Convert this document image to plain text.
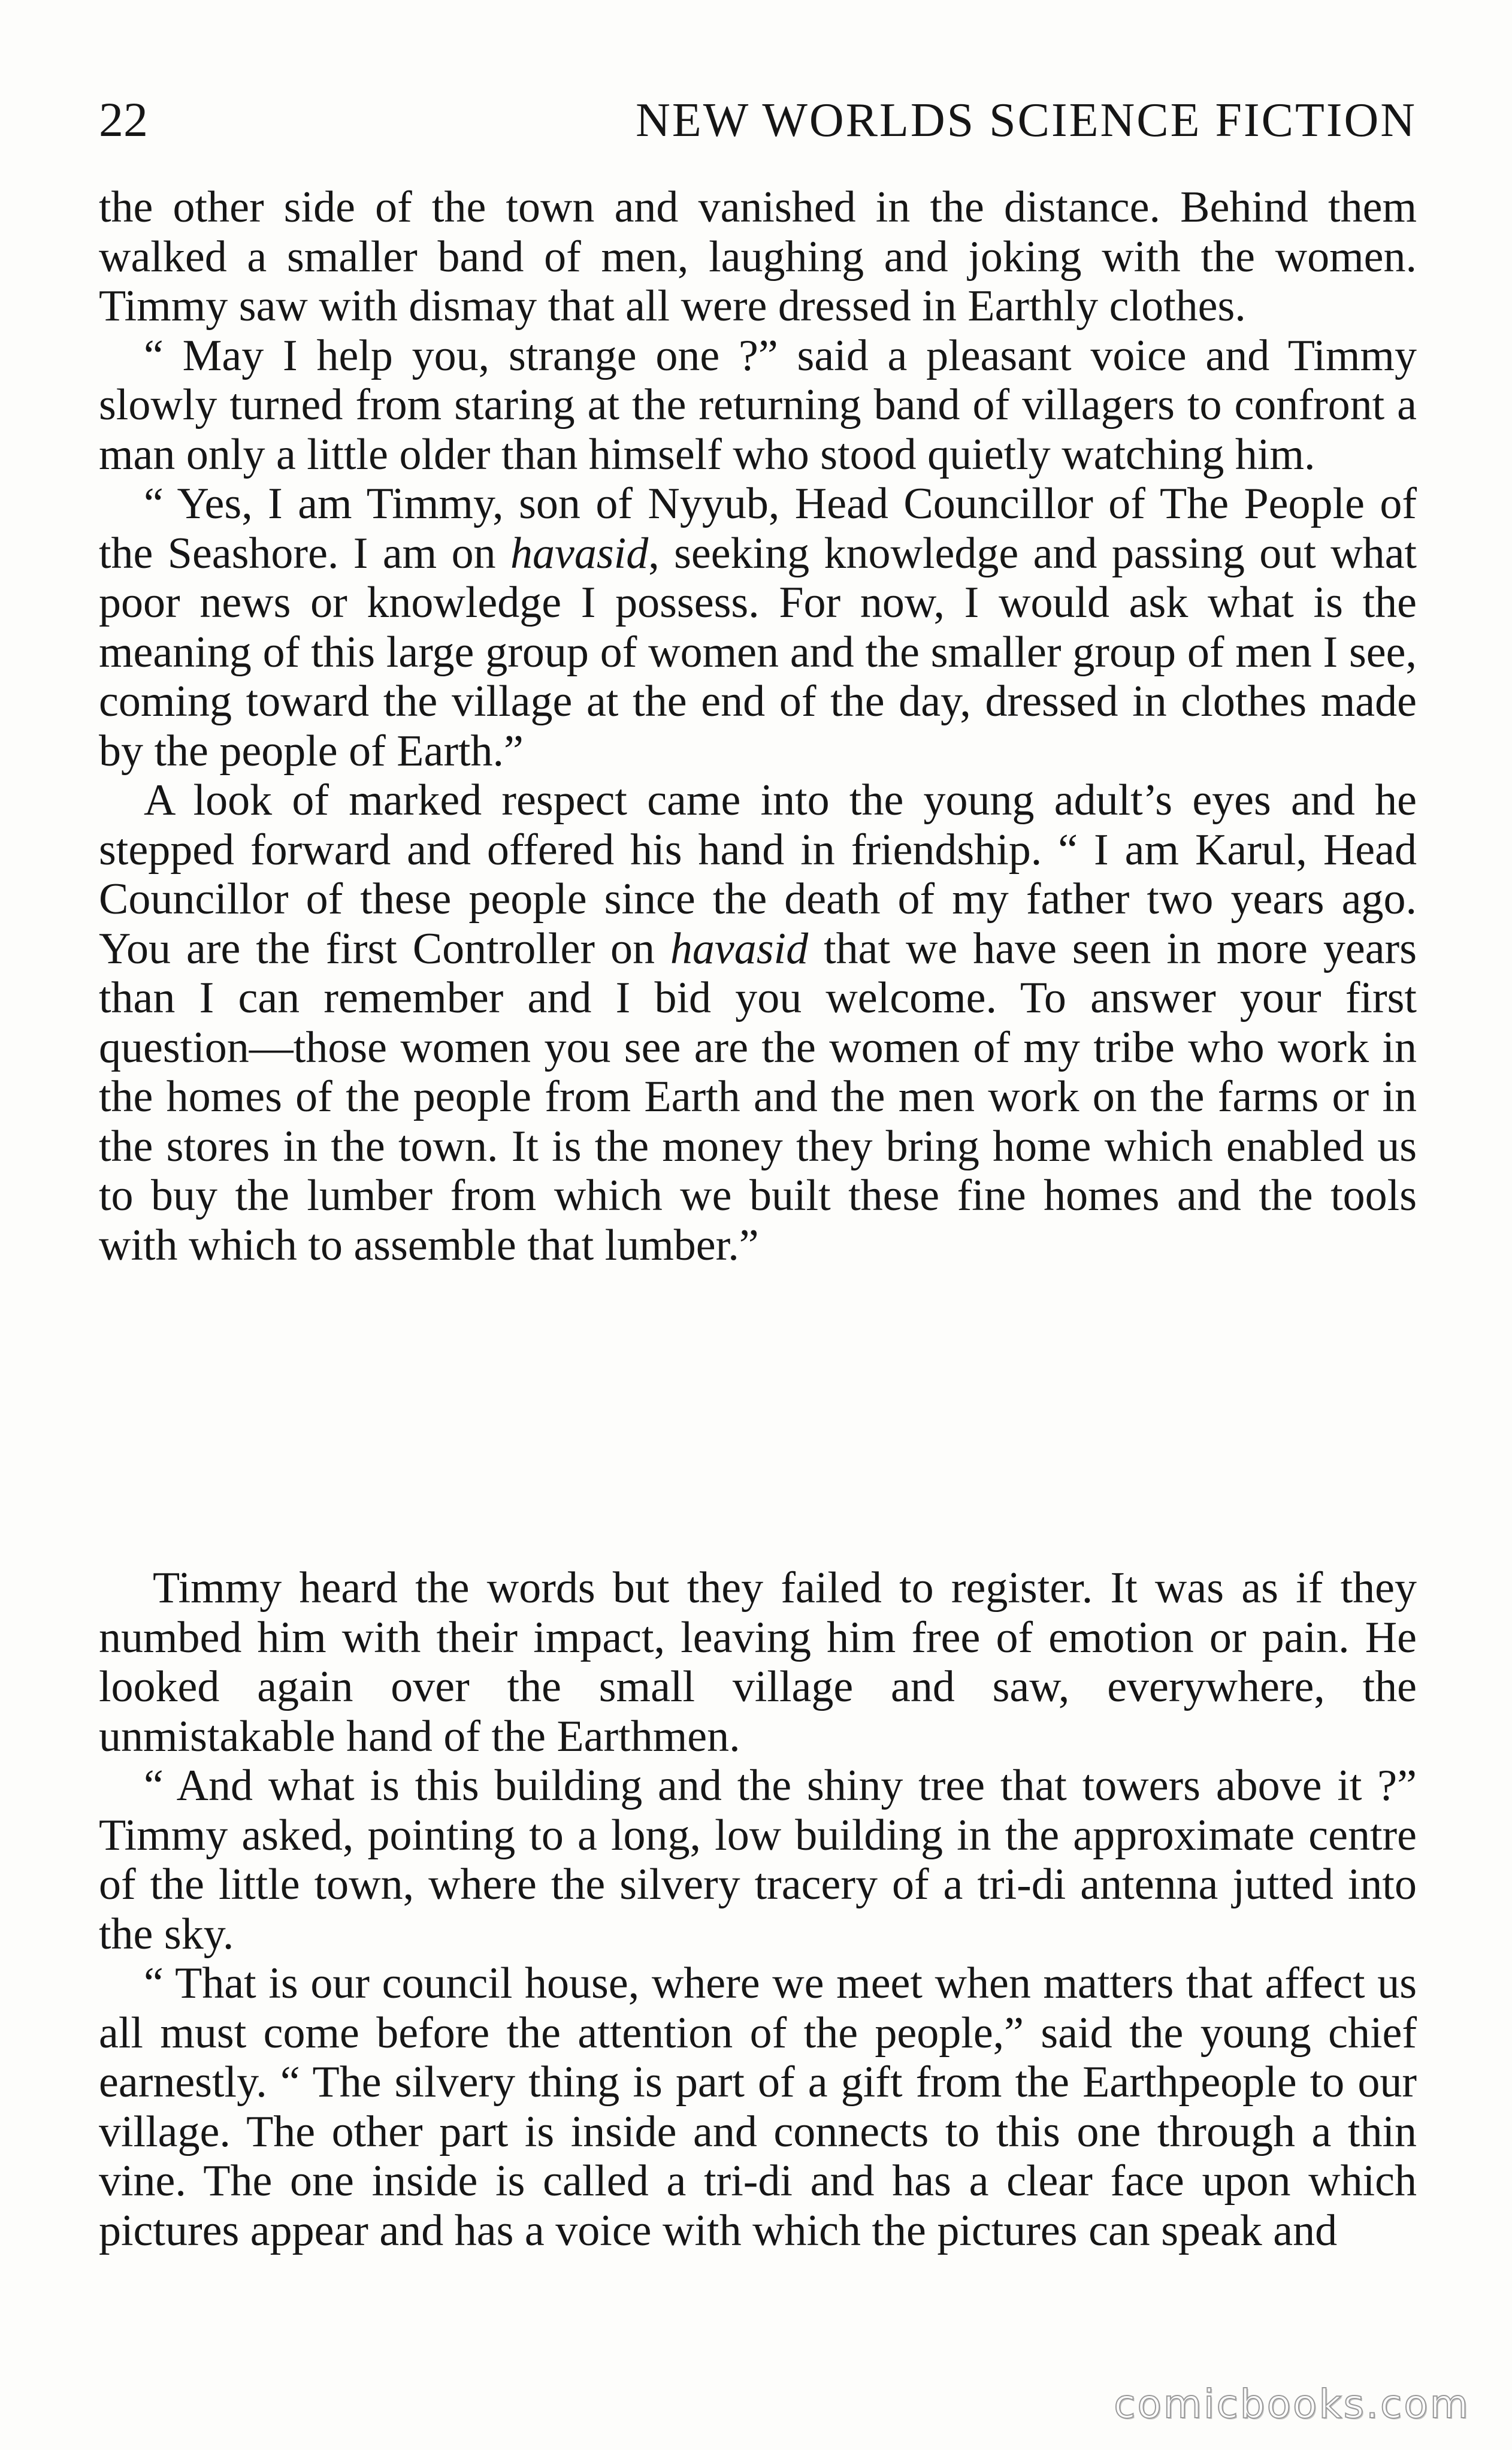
22	NEW WORLDS SCIENCE FICTION

the other side of the town and vanished in the distance. Behind them walked a smaller band of men, laughing and joking with the women. Timmy saw with dismay that all were dressed in Earthly clothes.

“ May I help you, strange one ?” said a pleasant voice and Timmy slowly turned from staring at the returning band of villagers to confront a man only a little older than himself who stood quietly watching him.

“ Yes, I am Timmy, son of Nyyub, Head Councillor of The People of the Seashore. I am on havasid, seeking knowledge and passing out what poor news or knowledge I possess. For now, I would ask what is the meaning of this large group of women and the smaller group of men I see, coming toward the village at the end of the day, dressed in clothes made by the people of Earth.”

A look of marked respect came into the young adult’s eyes and he stepped forward and offered his hand in friendship. “ I am Karul, Head Councillor of these people since the death of my father two years ago. You are the first Controller on havasid that we have seen in more years than I can remember and I bid you welcome. To answer your first question—those women you see are the women of my tribe who work in the homes of the people from Earth and the men work on the farms or in the stores in the town. It is the money they bring home which enabled us to buy the lumber from which we built these fine homes and the tools with which to assemble that lumber.”

Timmy heard the words but they failed to register. It was as if they numbed him with their impact, leaving him free of emotion or pain. He looked again over the small village and saw, everywhere, the unmistakable hand of the Earthmen.

“ And what is this building and the shiny tree that towers above it ?” Timmy asked, pointing to a long, low building in the approximate centre of the little town, where the silvery tracery of a tri-di antenna jutted into the sky.

“ That is our council house, where we meet when matters that affect us all must come before the attention of the people,” said the young chief earnestly. “ The silvery thing is part of a gift from the Earthpeople to our village. The other part is inside and connects to this one through a thin vine. The one inside is called a tri-di and has a clear face upon which pictures appear and has a voice with which the pictures can speak and

comicbooks.com
